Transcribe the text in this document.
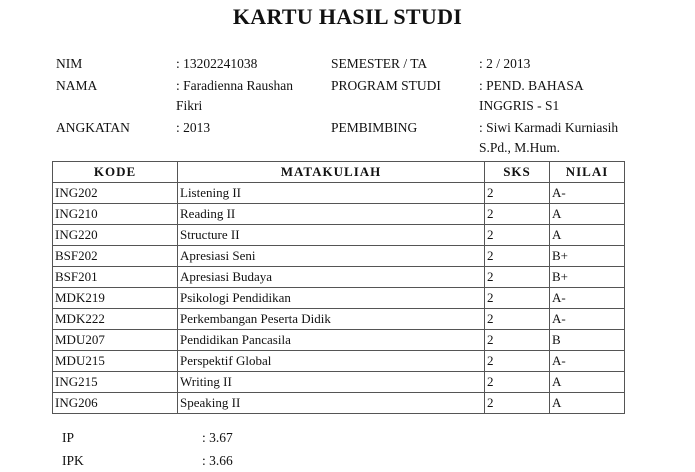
KARTU HASIL STUDI
NIM	: 13202241038
NAMA	: Faradienna Raushan Fikri
ANGKATAN	: 2013
SEMESTER / TA	: 2 / 2013
PROGRAM STUDI	: PEND. BAHASA INGGRIS - S1
PEMBIMBING	: Siwi Karmadi Kurniasih S.Pd., M.Hum.
KODE	MATAKULIAH	SKS	NILAI
ING202	Listening II	2	A-
ING210	Reading II	2	A
ING220	Structure II	2	A
BSF202	Apresiasi Seni	2	B+
BSF201	Apresiasi Budaya	2	B+
MDK219	Psikologi Pendidikan	2	A-
MDK222	Perkembangan Peserta Didik	2	A-
MDU207	Pendidikan Pancasila	2	B
MDU215	Perspektif Global	2	A-
ING215	Writing II	2	A
ING206	Speaking II	2	A
IP	: 3.67
IPK	: 3.66
